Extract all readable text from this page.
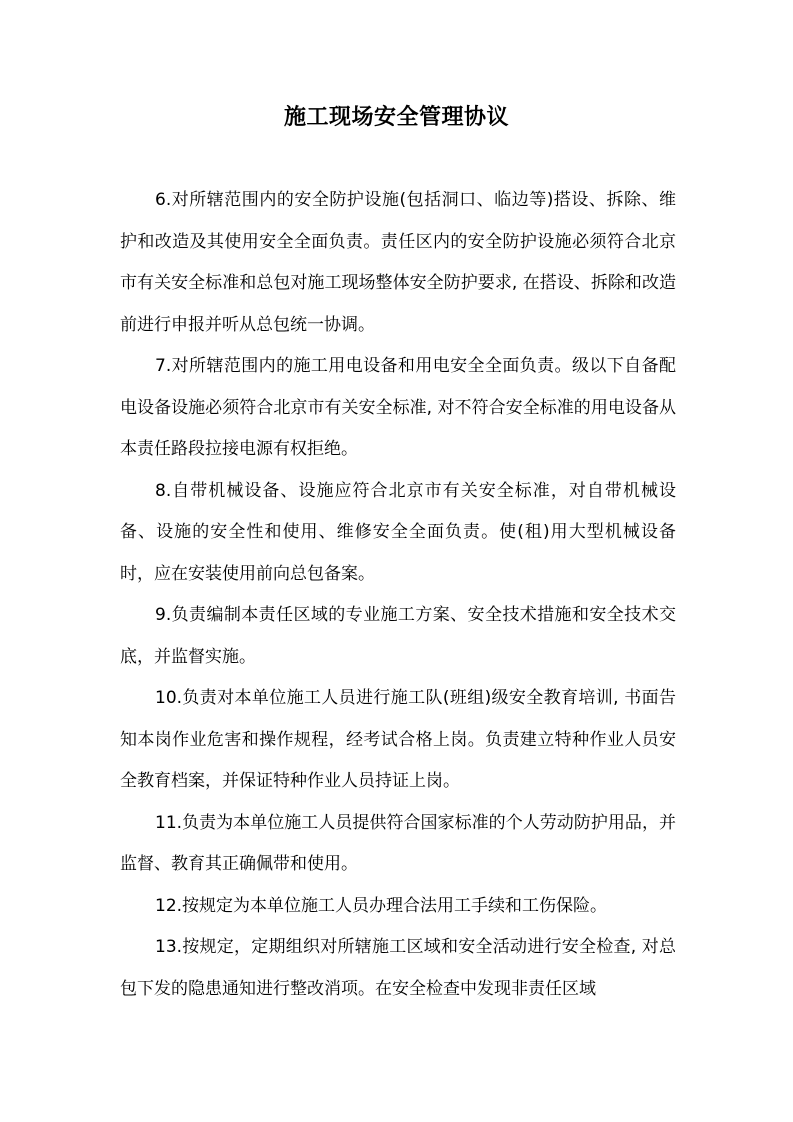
施工现场安全管理协议

6.对所辖范围内的安全防护设施(包括洞口、临边等)搭设、拆除、维护和改造及其使用安全全面负责。责任区内的安全防护设施必须符合北京市有关安全标准和总包对施工现场整体安全防护要求, 在搭设、拆除和改造前进行申报并听从总包统一协调。

7.对所辖范围内的施工用电设备和用电安全全面负责。级以下自备配电设备设施必须符合北京市有关安全标准, 对不符合安全标准的用电设备从本责任路段拉接电源有权拒绝。

8.自带机械设备、设施应符合北京市有关安全标准，对自带机械设备、设施的安全性和使用、维修安全全面负责。使(租)用大型机械设备时，应在安装使用前向总包备案。

9.负责编制本责任区域的专业施工方案、安全技术措施和安全技术交底，并监督实施。

10.负责对本单位施工人员进行施工队(班组)级安全教育培训, 书面告知本岗作业危害和操作规程，经考试合格上岗。负责建立特种作业人员安全教育档案，并保证特种作业人员持证上岗。

11.负责为本单位施工人员提供符合国家标准的个人劳动防护用品，并监督、教育其正确佩带和使用。

12.按规定为本单位施工人员办理合法用工手续和工伤保险。

13.按规定，定期组织对所辖施工区域和安全活动进行安全检查, 对总包下发的隐患通知进行整改消项。在安全检查中发现非责任区域
